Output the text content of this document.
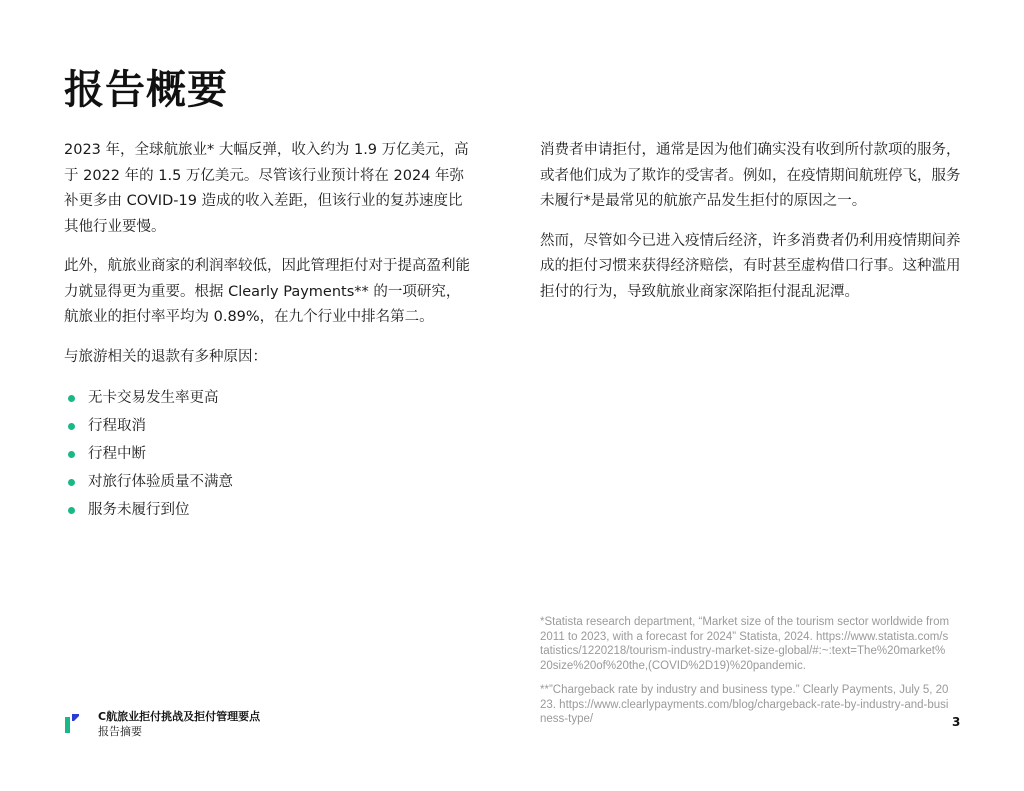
报告概要

2023 年，全球航旅业* 大幅反弹，收入约为 1.9 万亿美元，高于 2022 年的 1.5 万亿美元。尽管该行业预计将在 2024 年弥补更多由 COVID-19 造成的收入差距，但该行业的复苏速度比其他行业要慢。

此外，航旅业商家的利润率较低，因此管理拒付对于提高盈利能力就显得更为重要。根据 Clearly Payments** 的一项研究，航旅业的拒付率平均为 0.89%，在九个行业中排名第二。

与旅游相关的退款有多种原因：

无卡交易发生率更高
行程取消
行程中断
对旅行体验质量不满意
服务未履行到位

消费者申请拒付，通常是因为他们确实没有收到所付款项的服务，或者他们成为了欺诈的受害者。例如，在疫情期间航班停飞，服务未履行*是最常见的航旅产品发生拒付的原因之一。

然而，尽管如今已进入疫情后经济，许多消费者仍利用疫情期间养成的拒付习惯来获得经济赔偿，有时甚至虚构借口行事。这种滥用拒付的行为，导致航旅业商家深陷拒付混乱泥潭。

*Statista research department, “Market size of the tourism sector worldwide from 2011 to 2023, with a forecast for 2024” Statista, 2024. https://www.statista.com/statistics/1220218/tourism-industry-market-size-global/#:~:text=The%20market%20size%20of%20the,(COVID%2D19)%20pandemic.

**”Chargeback rate by industry and business type.” Clearly Payments, July 5, 2023. https://www.clearlypayments.com/blog/chargeback-rate-by-industry-and-business-type/

C航旅业拒付挑战及拒付管理要点
报告摘要
3
